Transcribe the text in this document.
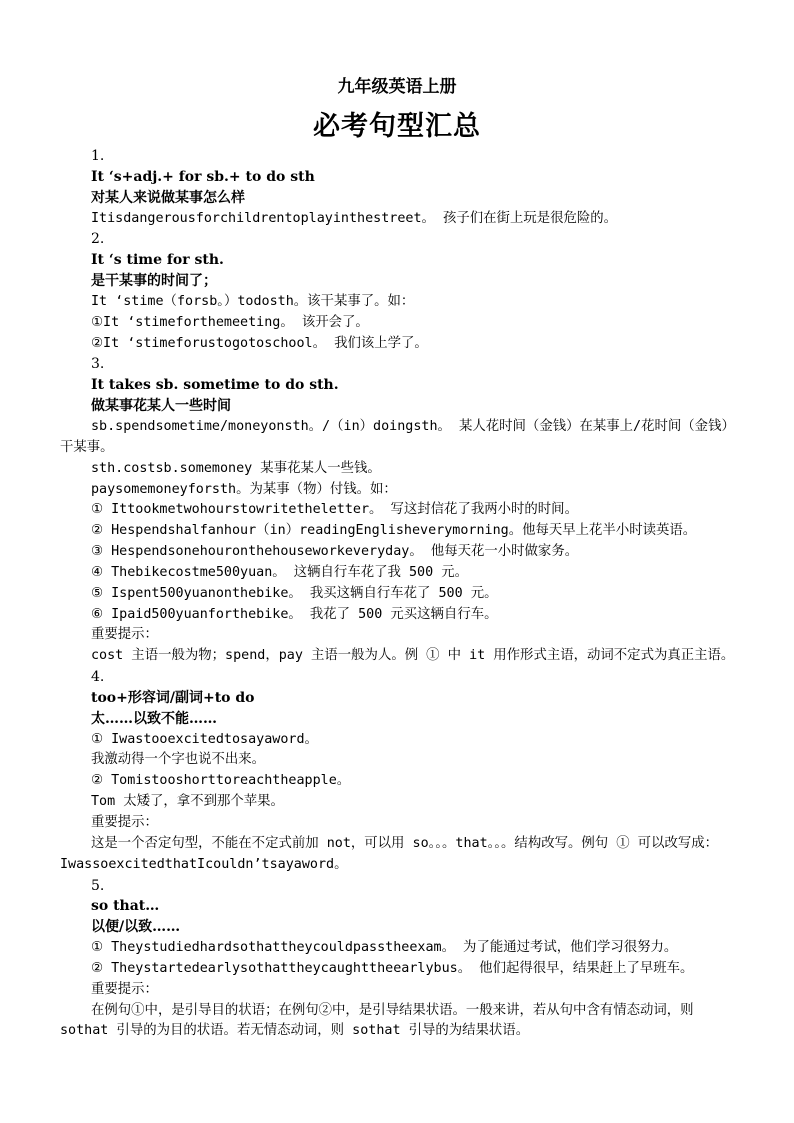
九年级英语上册
必考句型汇总
1.
It ‘s+adj.+ for sb.+ to do sth
对某人来说做某事怎么样
Itisdangerousforchildrentoplayinthestreet。 孩子们在街上玩是很危险的。
2.
It ‘s time for sth.
是干某事的时间了；
It ‘stime（forsb。）todosth。该干某事了。如：
①It ‘stimeforthemeeting。 该开会了。
②It ‘stimeforustogotoschool。 我们该上学了。
3.
It takes sb. sometime to do sth.
做某事花某人一些时间
sb.spendsometime/moneyonsth。/（in）doingsth。 某人花时间（金钱）在某事上/花时间（金钱）干某事。
sth.costsb.somemoney 某事花某人一些钱。
paysomemoneyforsth。为某事（物）付钱。如：
① Ittookmetwohourstowritetheletter。 写这封信花了我两小时的时间。
② Hespendshalfanhour（in）readingEnglisheverymorning。他每天早上花半小时读英语。
③ Hespendsonehouronthehouseworkeveryday。 他每天花一小时做家务。
④ Thebikecostme500yuan。 这辆自行车花了我 500 元。
⑤ Ispent500yuanonthebike。 我买这辆自行车花了 500 元。
⑥ Ipaid500yuanforthebike。 我花了 500 元买这辆自行车。
重要提示：
cost 主语一般为物；spend，pay 主语一般为人。例 ① 中 it 用作形式主语，动词不定式为真正主语。
4.
too+形容词/副词+to do
太……以致不能……
① Iwastooexcitedtosayaword。
我激动得一个字也说不出来。
② Tomistooshorttoreachtheapple。
Tom 太矮了，拿不到那个苹果。
重要提示：
这是一个否定句型，不能在不定式前加 not，可以用 so。。。that。。。结构改写。例句 ① 可以改写成：IwassoexcitedthatIcouldn’tsayaword。
5.
so that…
以便/以致……
① Theystudiedhardsothattheycouldpasstheexam。 为了能通过考试，他们学习很努力。
② Theystartedearlysothattheycaughttheearlybus。 他们起得很早，结果赶上了早班车。
重要提示：
在例句①中，是引导目的状语；在例句②中，是引导结果状语。一般来讲，若从句中含有情态动词，则 sothat 引导的为目的状语。若无情态动词，则 sothat 引导的为结果状语。
